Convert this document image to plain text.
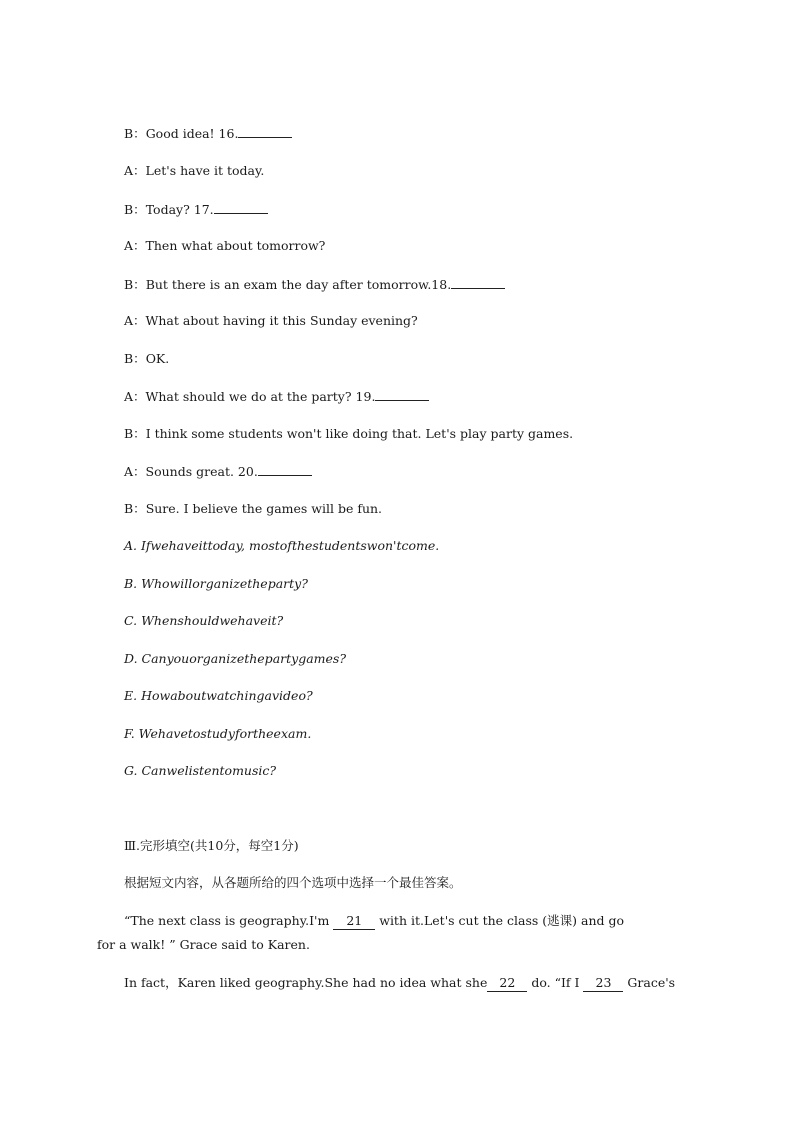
B：Good idea! 16.
A：Let's have it today.
B：Today? 17.
A：Then what about tomorrow?
B：But there is an exam the day after tomorrow.18.
A：What about having it this Sunday evening?
B：OK.
A：What should we do at the party? 19.
B：I think some students won't like doing that. Let's play party games.
A：Sounds great. 20.
B：Sure. I believe the games will be fun.
A. Ifwehaveittoday, mostofthestudentswon'tcome.
B. Whowillorganizetheparty?
C. Whenshouldwehaveit?
D. Canyouorganizethepartygames?
E. Howaboutwatchingavideo?
F. Wehavetostudyfortheexam.
G. Canwelistentomusic?
Ⅲ.完形填空(共10分，每空1分)
根据短文内容，从各题所给的四个选项中选择一个最佳答案。
“The next class is geography.I'm 21 with it.Let's cut the class (逃课) and go
for a walk! ” Grace said to Karen.
In fact，Karen liked geography.She had no idea what she 22 do. “If I 23 Grace's
